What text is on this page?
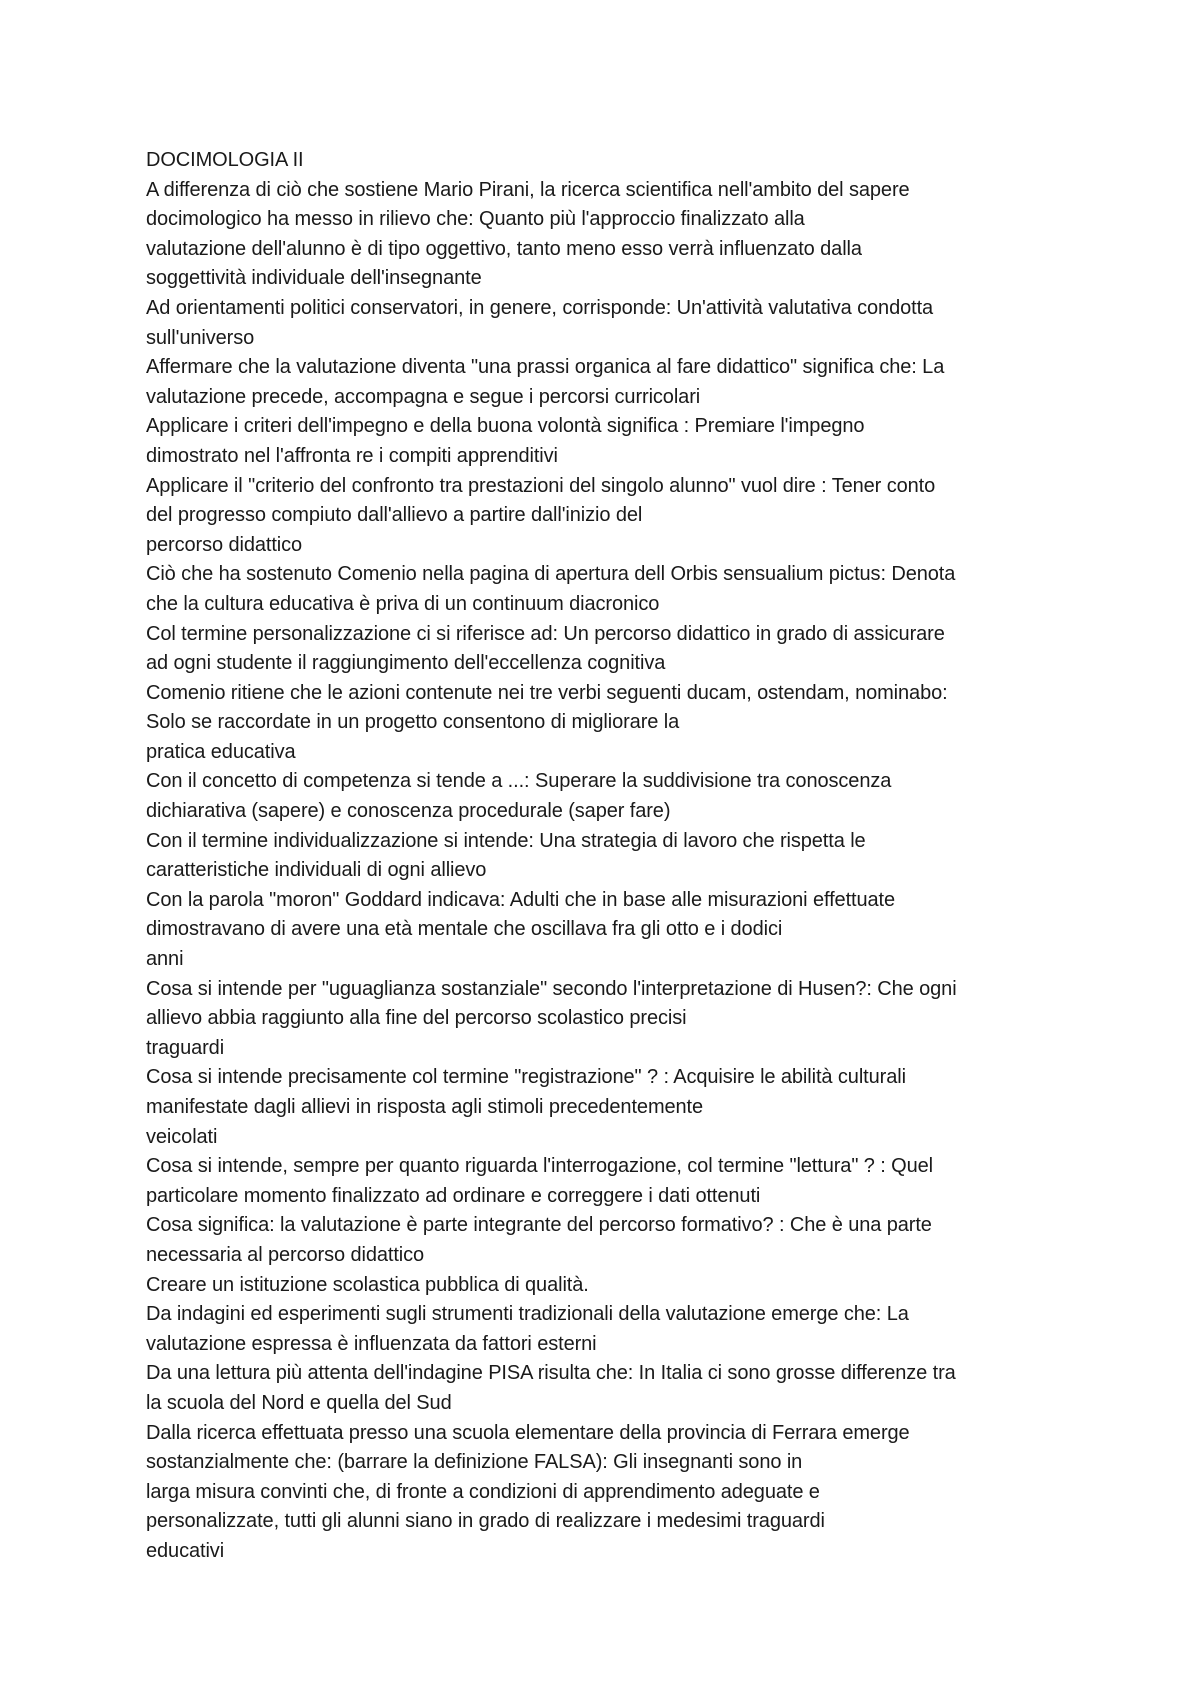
DOCIMOLOGIA II
A differenza di ciò che sostiene Mario Pirani, la ricerca scientifica nell'ambito del sapere
docimologico ha messo in rilievo che: Quanto più l'approccio finalizzato alla
valutazione dell'alunno è di tipo oggettivo, tanto meno esso verrà influenzato dalla
soggettività individuale dell'insegnante
Ad orientamenti politici conservatori, in genere, corrisponde: Un'attività valutativa condotta
sull'universo
Affermare che la valutazione diventa "una prassi organica al fare didattico" significa che: La
valutazione precede, accompagna e segue i percorsi curricolari
Applicare i criteri dell'impegno e della buona volontà significa : Premiare l'impegno
dimostrato nel l'affronta re i compiti apprenditivi
Applicare il "criterio del confronto tra prestazioni del singolo alunno" vuol dire : Tener conto
del progresso compiuto dall'allievo a partire dall'inizio del
percorso didattico
Ciò che ha sostenuto Comenio nella pagina di apertura dell Orbis sensualium pictus: Denota
che la cultura educativa è priva di un continuum diacronico
Col termine personalizzazione ci si riferisce ad: Un percorso didattico in grado di assicurare
ad ogni studente il raggiungimento dell'eccellenza cognitiva
Comenio ritiene che le azioni contenute nei tre verbi seguenti ducam, ostendam, nominabo:
Solo se raccordate in un progetto consentono di migliorare la
pratica educativa
Con il concetto di competenza si tende a ...: Superare la suddivisione tra conoscenza
dichiarativa (sapere) e conoscenza procedurale (saper fare)
Con il termine individualizzazione si intende: Una strategia di lavoro che rispetta le
caratteristiche individuali di ogni allievo
Con la parola "moron" Goddard indicava: Adulti che in base alle misurazioni effettuate
dimostravano di avere una età mentale che oscillava fra gli otto e i dodici
anni
Cosa si intende per "uguaglianza sostanziale" secondo l'interpretazione di Husen?: Che ogni
allievo abbia raggiunto alla fine del percorso scolastico precisi
traguardi
Cosa si intende precisamente col termine "registrazione" ? : Acquisire le abilità culturali
manifestate dagli allievi in risposta agli stimoli precedentemente
veicolati
Cosa si intende, sempre per quanto riguarda l'interrogazione, col termine "lettura" ? : Quel
particolare momento finalizzato ad ordinare e correggere i dati ottenuti
Cosa significa: la valutazione è parte integrante del percorso formativo? : Che è una parte
necessaria al percorso didattico
Creare un istituzione scolastica pubblica di qualità.
Da indagini ed esperimenti sugli strumenti tradizionali della valutazione emerge che: La
valutazione espressa è influenzata da fattori esterni
Da una lettura più attenta dell'indagine PISA risulta che: In Italia ci sono grosse differenze tra
la scuola del Nord e quella del Sud
Dalla ricerca effettuata presso una scuola elementare della provincia di Ferrara emerge
sostanzialmente che: (barrare la definizione FALSA): Gli insegnanti sono in
larga misura convinti che, di fronte a condizioni di apprendimento adeguate e
personalizzate, tutti gli alunni siano in grado di realizzare i medesimi traguardi
educativi
